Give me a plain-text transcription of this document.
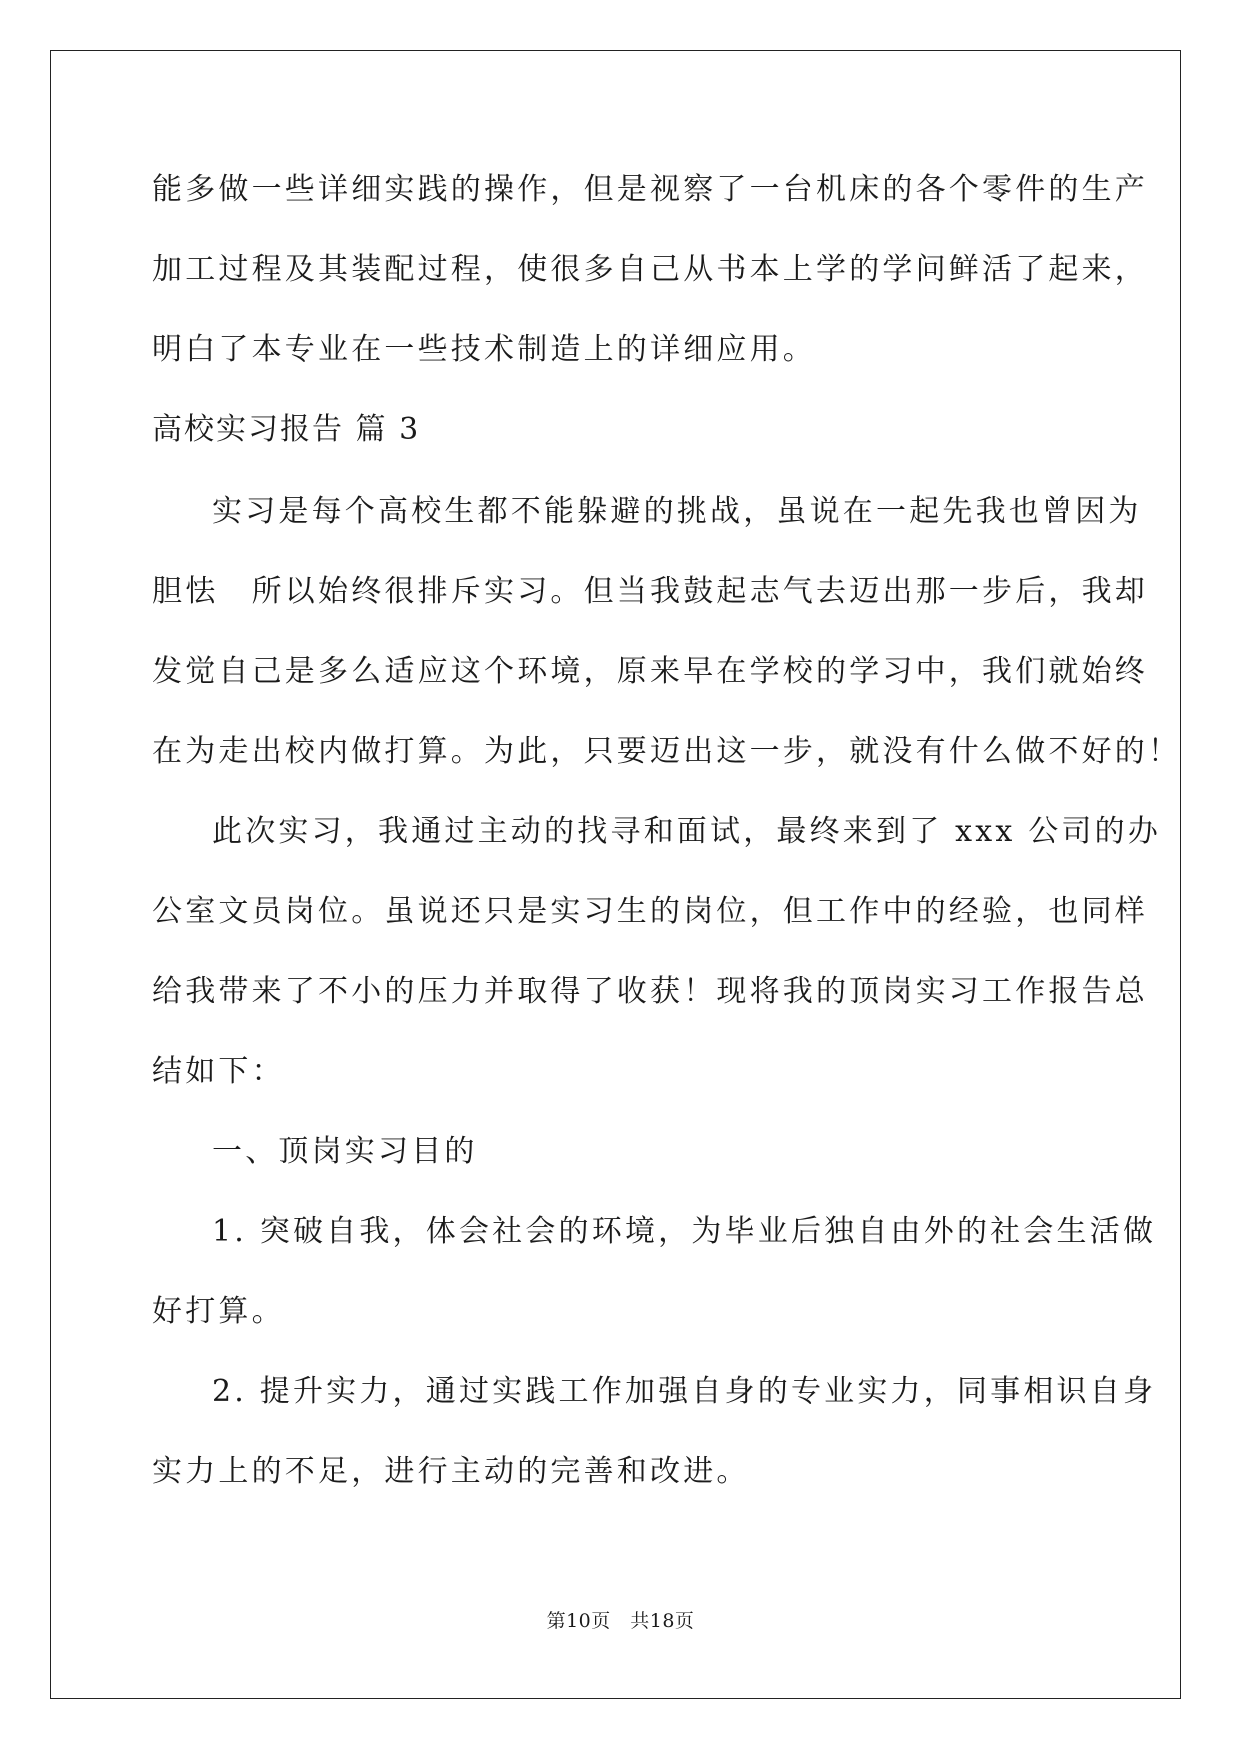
能多做一些详细实践的操作，但是视察了一台机床的各个零件的生产
加工过程及其装配过程，使很多自己从书本上学的学问鲜活了起来，
明白了本专业在一些技术制造上的详细应用。
高校实习报告 篇 3
实习是每个高校生都不能躲避的挑战，虽说在一起先我也曾因为
胆怯　所以始终很排斥实习。但当我鼓起志气去迈出那一步后，我却
发觉自己是多么适应这个环境，原来早在学校的学习中，我们就始终
在为走出校内做打算。为此，只要迈出这一步，就没有什么做不好的！
此次实习，我通过主动的找寻和面试，最终来到了 xxx 公司的办
公室文员岗位。虽说还只是实习生的岗位，但工作中的经验，也同样
给我带来了不小的压力并取得了收获！现将我的顶岗实习工作报告总
结如下：
一、顶岗实习目的
1. 突破自我，体会社会的环境，为毕业后独自由外的社会生活做
好打算。
2. 提升实力，通过实践工作加强自身的专业实力，同事相识自身
实力上的不足，进行主动的完善和改进。
第10页　共18页
